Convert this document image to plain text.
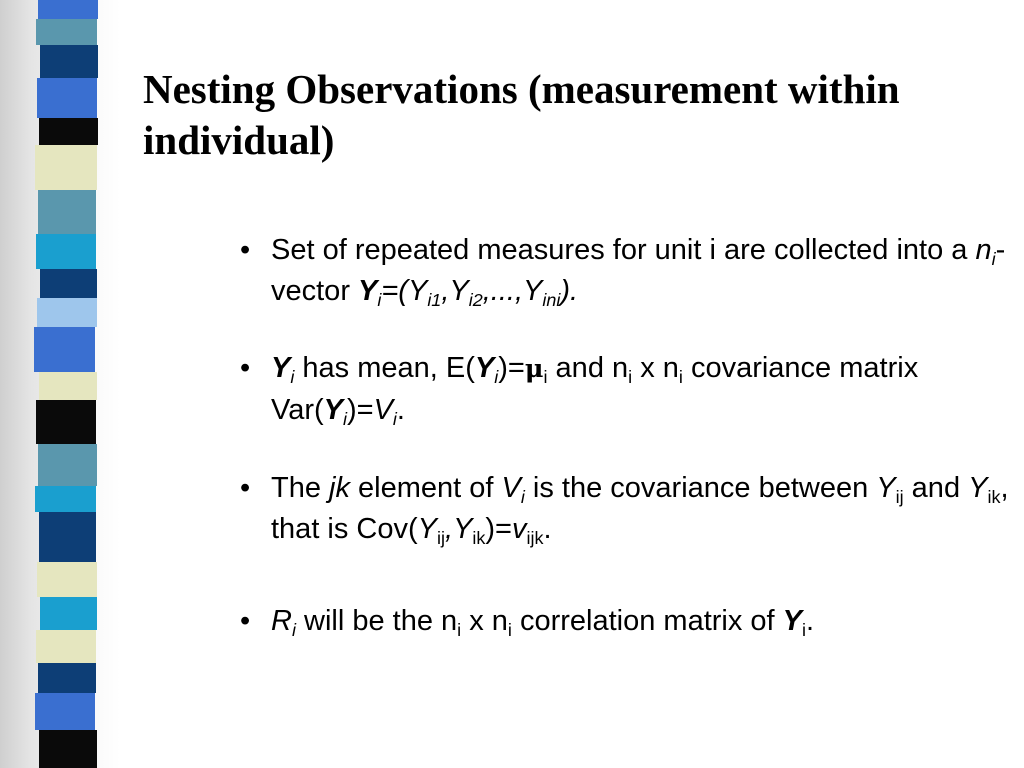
Nesting Observations (measurement within individual)
• Set of repeated measures for unit i are collected into a $n_i$-vector $Y_i=(Y_{i1},Y_{i2},...,Y_{ini})$.
• $Y_i$ has mean, $E(Y_i)=\mu_i$ and $n_i$ x $n_i$ covariance matrix $Var(Y_i)=V_i$.
• The jk element of $V_i$ is the covariance between $Y_{ij}$ and $Y_{ik}$, that is $Cov(Y_{ij},Y_{ik})=v_{ijk}$.
• $R_i$ will be the $n_i$ x $n_i$ correlation matrix of $Y_i$.
